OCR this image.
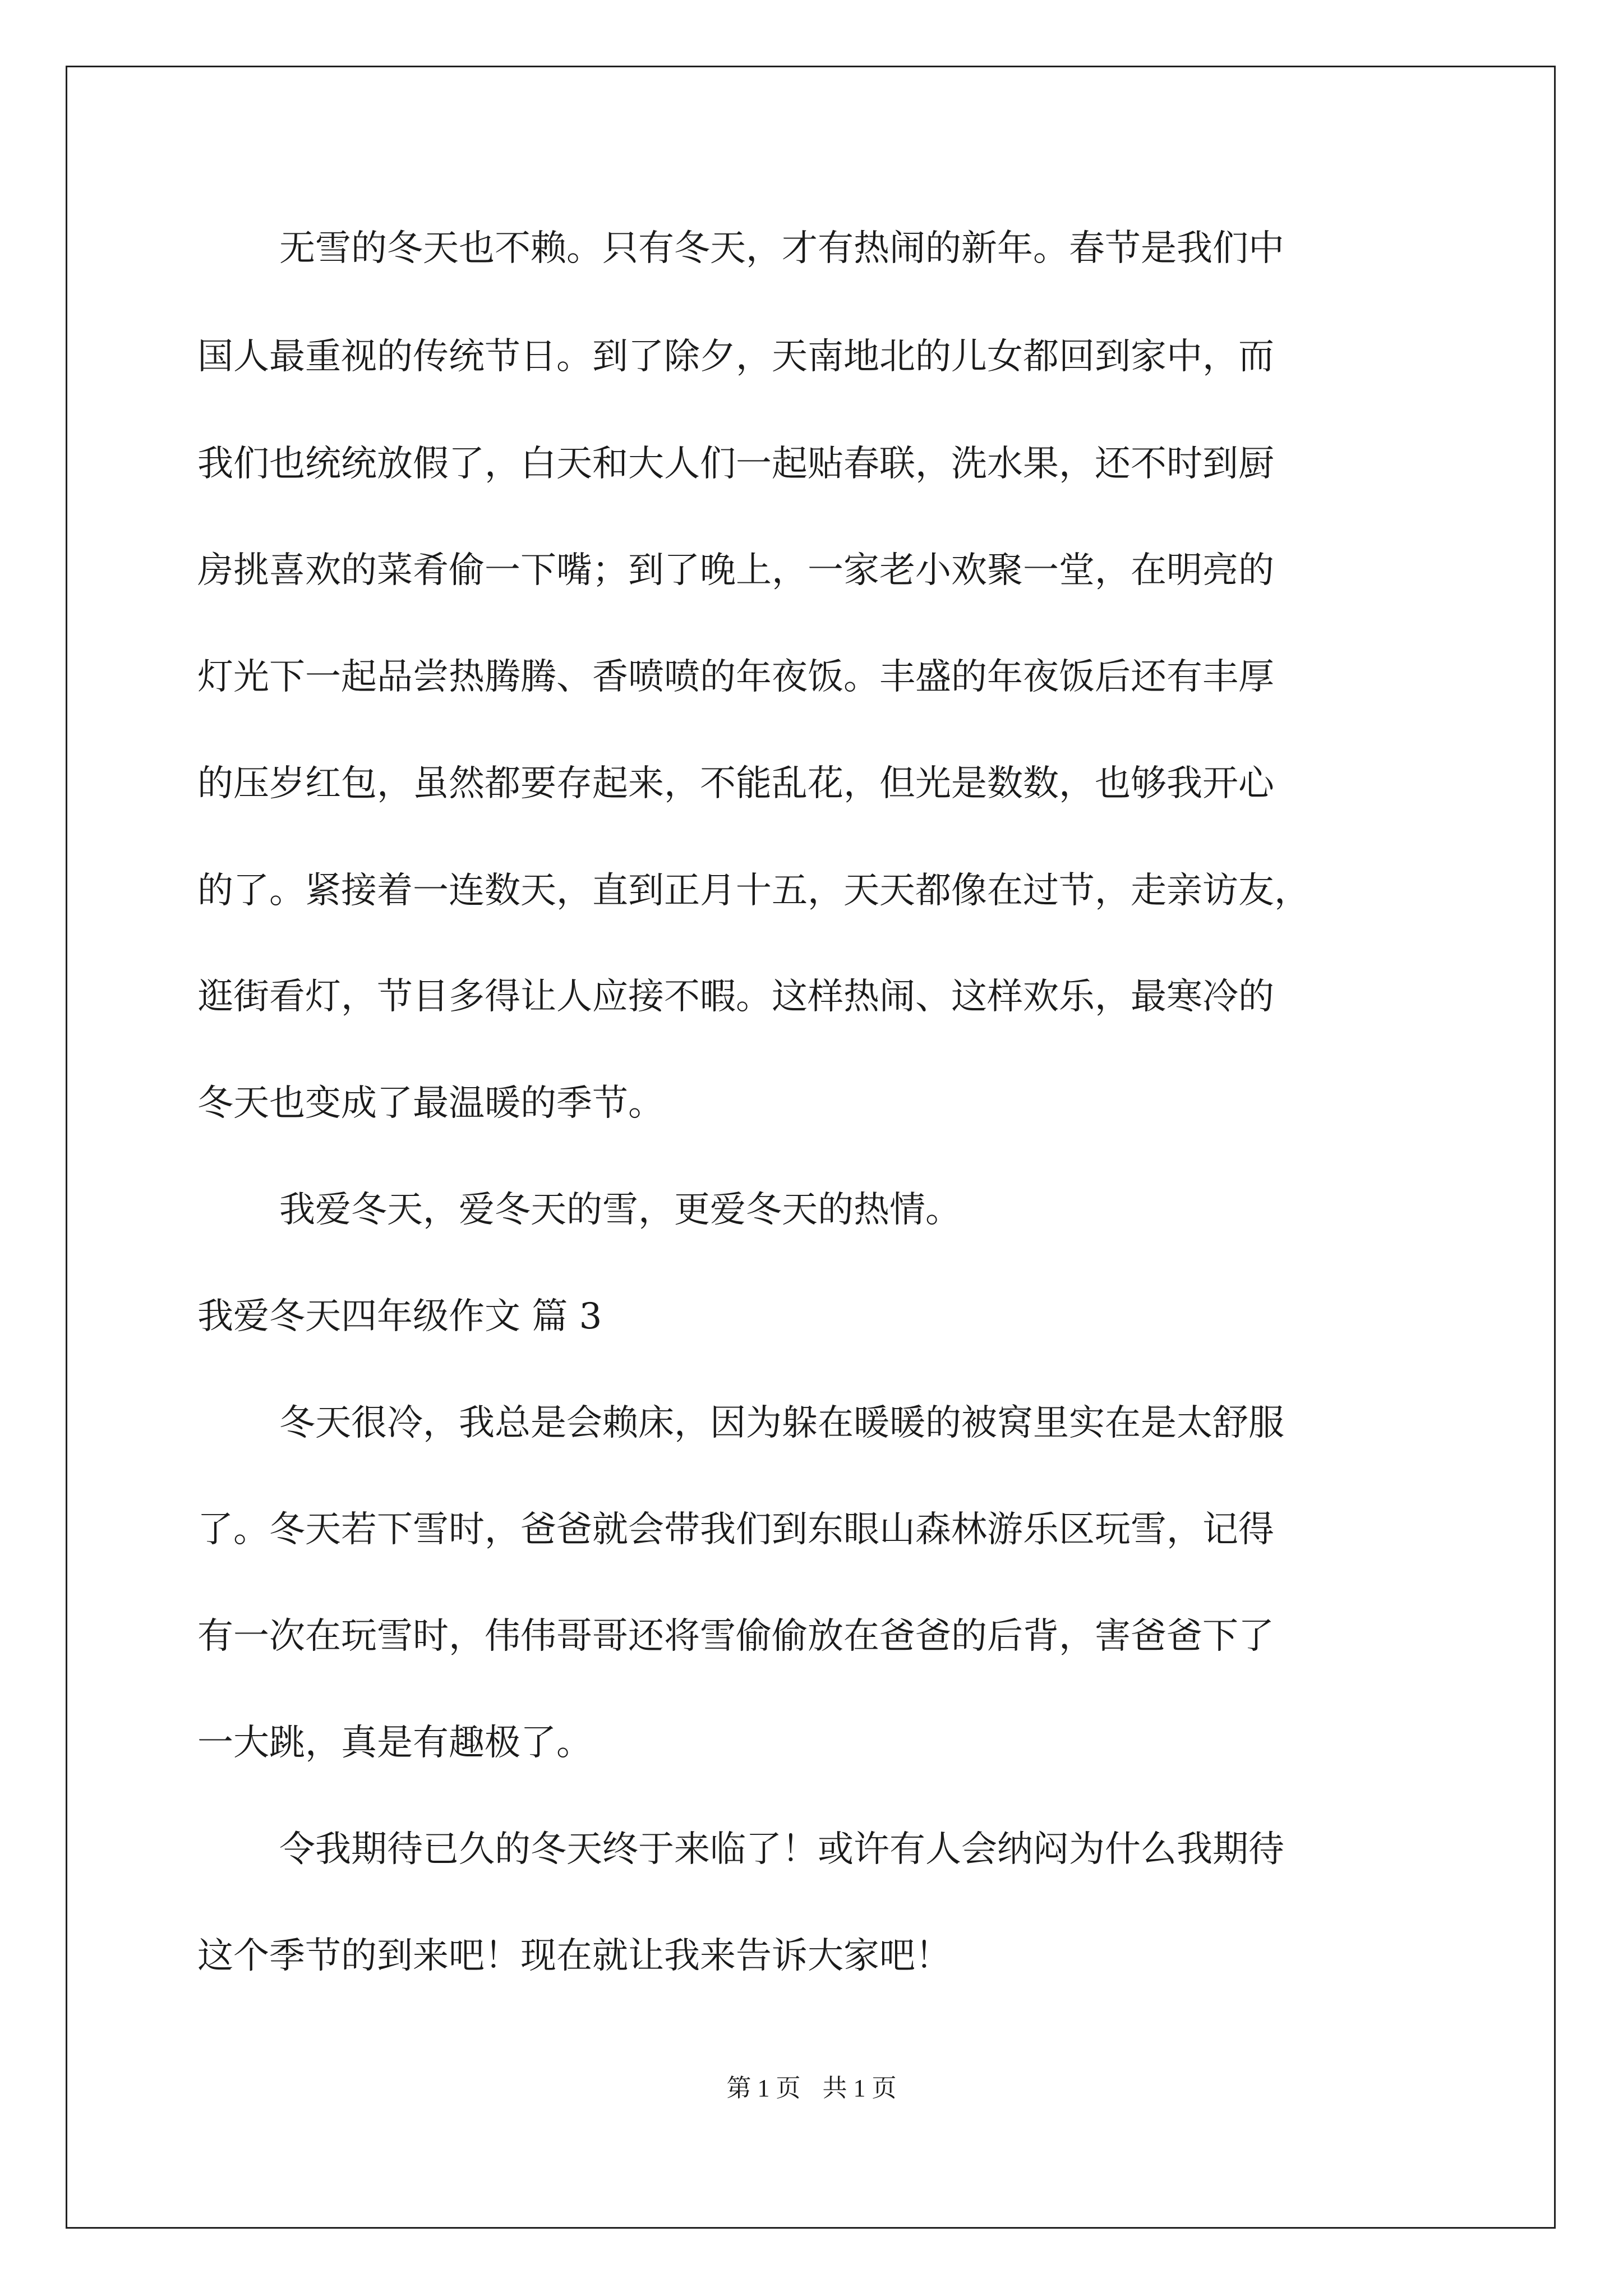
无雪的冬天也不赖。只有冬天，才有热闹的新年。春节是我们中
国人最重视的传统节日。到了除夕，天南地北的儿女都回到家中，而
我们也统统放假了，白天和大人们一起贴春联，洗水果，还不时到厨
房挑喜欢的菜肴偷一下嘴；到了晚上，一家老小欢聚一堂，在明亮的
灯光下一起品尝热腾腾、香喷喷的年夜饭。丰盛的年夜饭后还有丰厚
的压岁红包，虽然都要存起来，不能乱花，但光是数数，也够我开心
的了。紧接着一连数天，直到正月十五，天天都像在过节，走亲访友，
逛街看灯，节目多得让人应接不暇。这样热闹、这样欢乐，最寒冷的
冬天也变成了最温暖的季节。
我爱冬天，爱冬天的雪，更爱冬天的热情。
我爱冬天四年级作文 篇 3
冬天很冷，我总是会赖床，因为躲在暖暖的被窝里实在是太舒服
了。冬天若下雪时，爸爸就会带我们到东眼山森林游乐区玩雪，记得
有一次在玩雪时，伟伟哥哥还将雪偷偷放在爸爸的后背，害爸爸下了
一大跳，真是有趣极了。
令我期待已久的冬天终于来临了！或许有人会纳闷为什么我期待
这个季节的到来吧！现在就让我来告诉大家吧！
第 1 页 共 1 页
